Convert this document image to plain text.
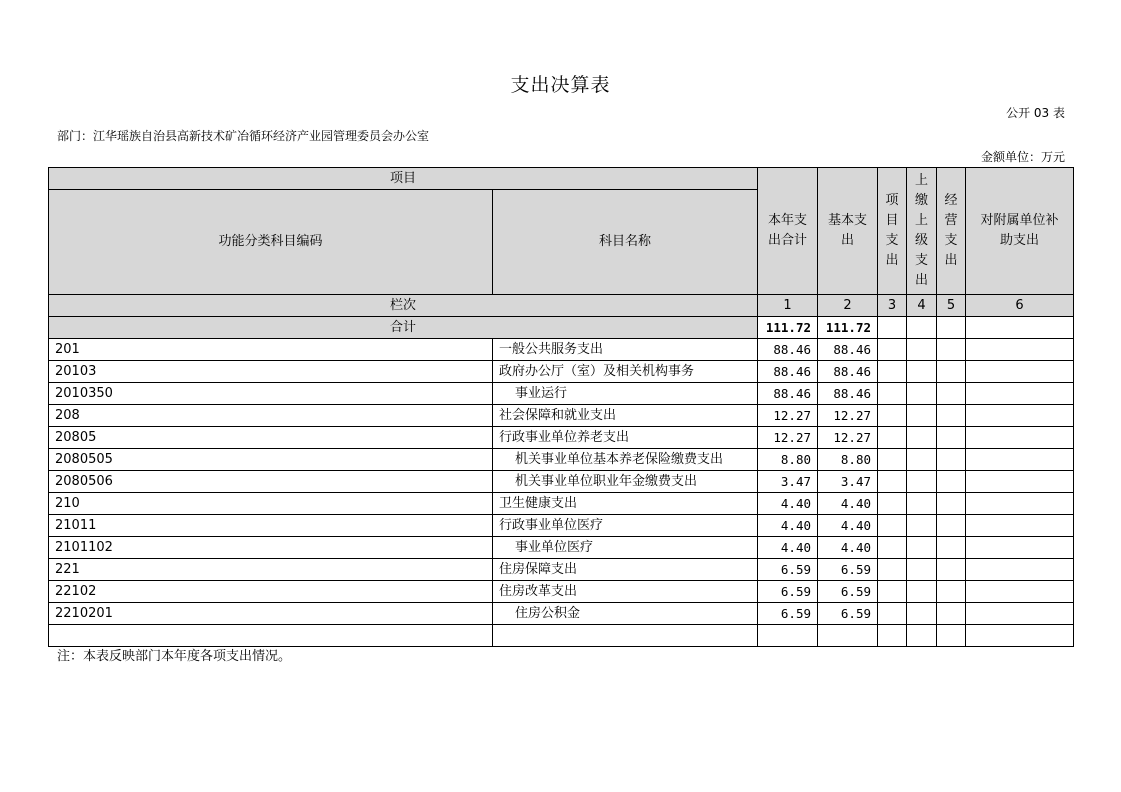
支出决算表
公开 03 表
部门：江华瑶族自治县高新技术矿冶循环经济产业园管理委员会办公室
金额单位：万元
项目		本年支出合计	基本支出	项目支出	上缴上级支出	经营支出	对附属单位补助支出
功能分类科目编码	科目名称						
栏次		1	2	3	4	5	6
合计		111.72	111.72				
201	一般公共服务支出	88.46	88.46				
20103	政府办公厅（室）及相关机构事务	88.46	88.46				
2010350	事业运行	88.46	88.46				
208	社会保障和就业支出	12.27	12.27				
20805	行政事业单位养老支出	12.27	12.27				
2080505	机关事业单位基本养老保险缴费支出	8.80	8.80				
2080506	机关事业单位职业年金缴费支出	3.47	3.47				
210	卫生健康支出	4.40	4.40				
21011	行政事业单位医疗	4.40	4.40				
2101102	事业单位医疗	4.40	4.40				
221	住房保障支出	6.59	6.59				
22102	住房改革支出	6.59	6.59				
2210201	住房公积金	6.59	6.59				

注：本表反映部门本年度各项支出情况。
